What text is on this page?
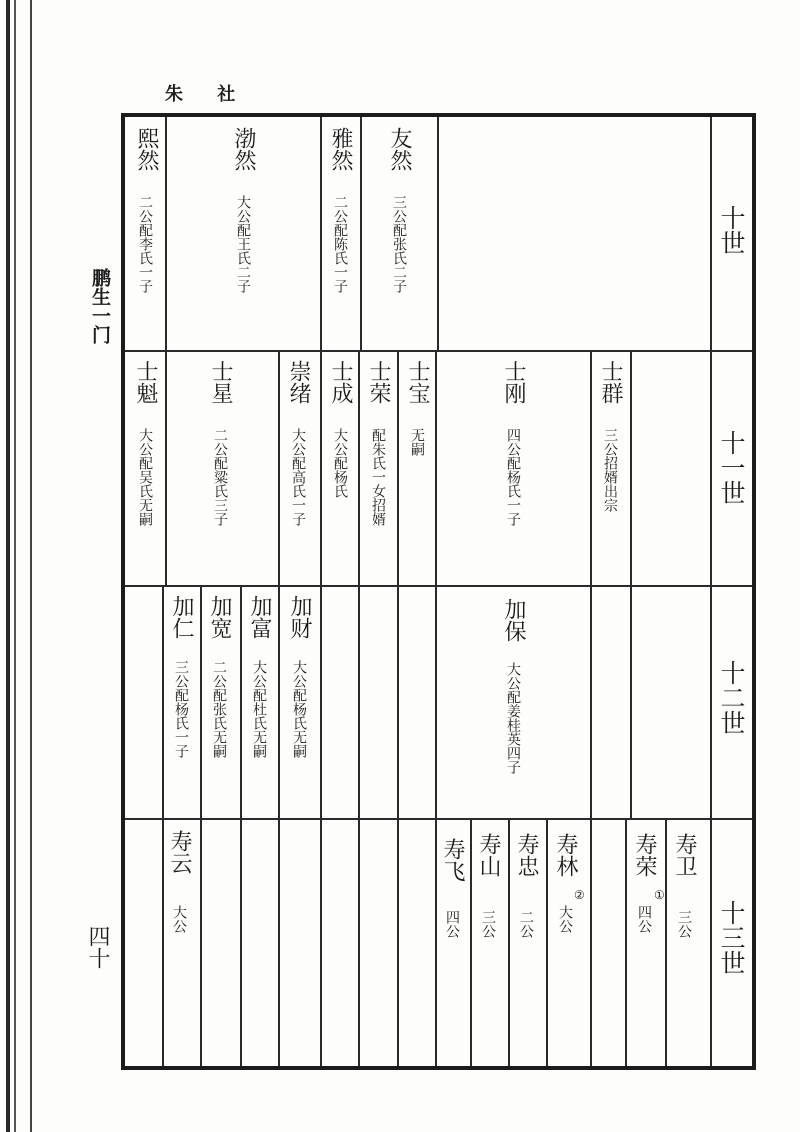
朱 社
鹏生一门
四十
十世
十一世
十二世
十三世
熙然
二公配李氏一子
渤然
大公配王氏二子
雅然
二公配陈氏一子
友然
三公配张氏二子
士魁
大公配吴氏无嗣
士星
二公配粱氏三子
崇绪
大公配高氏一子
士成
大公配杨氏
士荣
配朱氏一女招婿
士宝
无嗣
士刚
四公配杨氏一子
士群
三公招婿出宗
加仁
三公配杨氏一子
加宽
二公配张氏无嗣
加富
大公配杜氏无嗣
加财
大公配杨氏无嗣
加保
大公配姜桂英四子
寿云
大公
寿飞
四公
寿山
三公
寿忠
二公
寿林
②
大公
寿荣
①
四公
寿卫
三公
